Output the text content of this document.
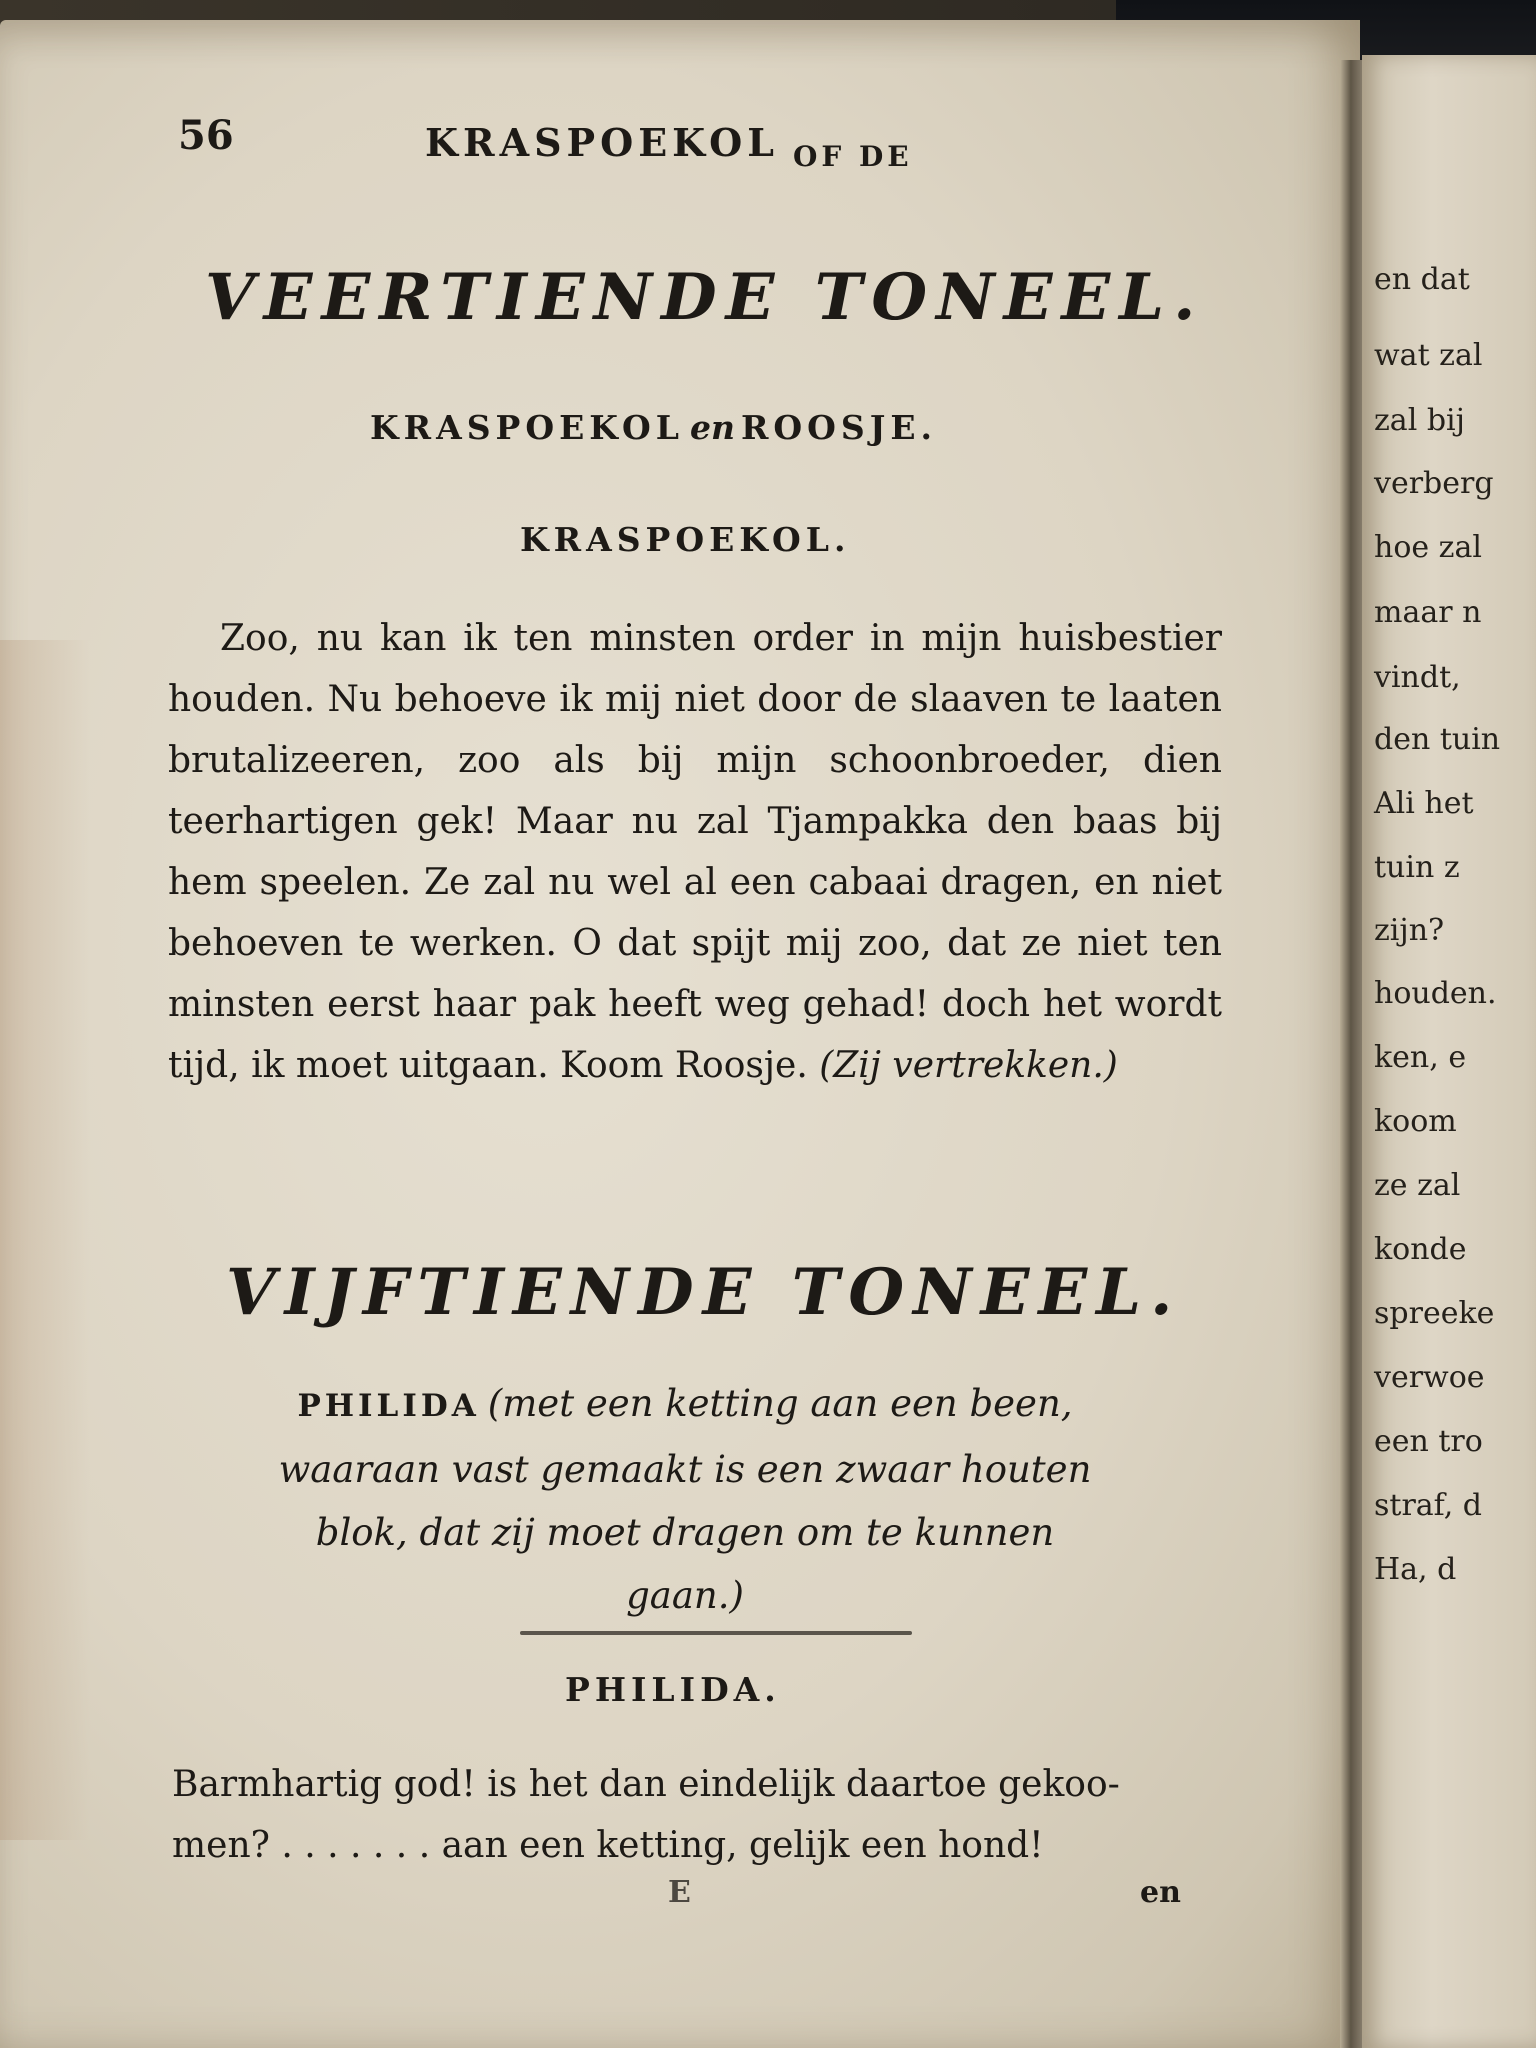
56	KRASPOEKOL $_{OF DE}$
VEERTIENDE TONEEL.
KRASPOEKOL en ROOSJE.
KRASPOEKOL.
Zoo, nu kan ik ten minsten order in mijn huisbestier houden. Nu behoeve ik mij niet door de slaaven te laaten brutalizeeren, zoo als bij mijn schoonbroeder, dien teerhartigen gek! Maar nu zal Tjampakka den baas bij hem speelen. Ze zal nu wel al een cabaai dragen, en niet behoeven te werken. O dat spijt mij zoo, dat ze niet ten minsten eerst haar pak heeft weg gehad! doch het wordt tijd, ik moet uitgaan. Koom Roosje. (Zij vertrekken.)
VIJFTIENDE TONEEL.
PHILIDA (met een ketting aan een been, waaraan vast gemaakt is een zwaar houten blok, dat zij moet dragen om te kunnen gaan.)
PHILIDA.
Barmhartig god! is het dan eindelijk daartoe gekoo-
men? . . . . . . . aan een ketting, gelijk een hond!
E	en
en dat
wat zal
zal bij
verberg
hoe zal
maar n
vindt,
den tuin
Ali het
tuin z
zijn?
houden.
ken, e
koom
ze zal
konde
spreeke
verwoe
een tro
straf, d
Ha, d
